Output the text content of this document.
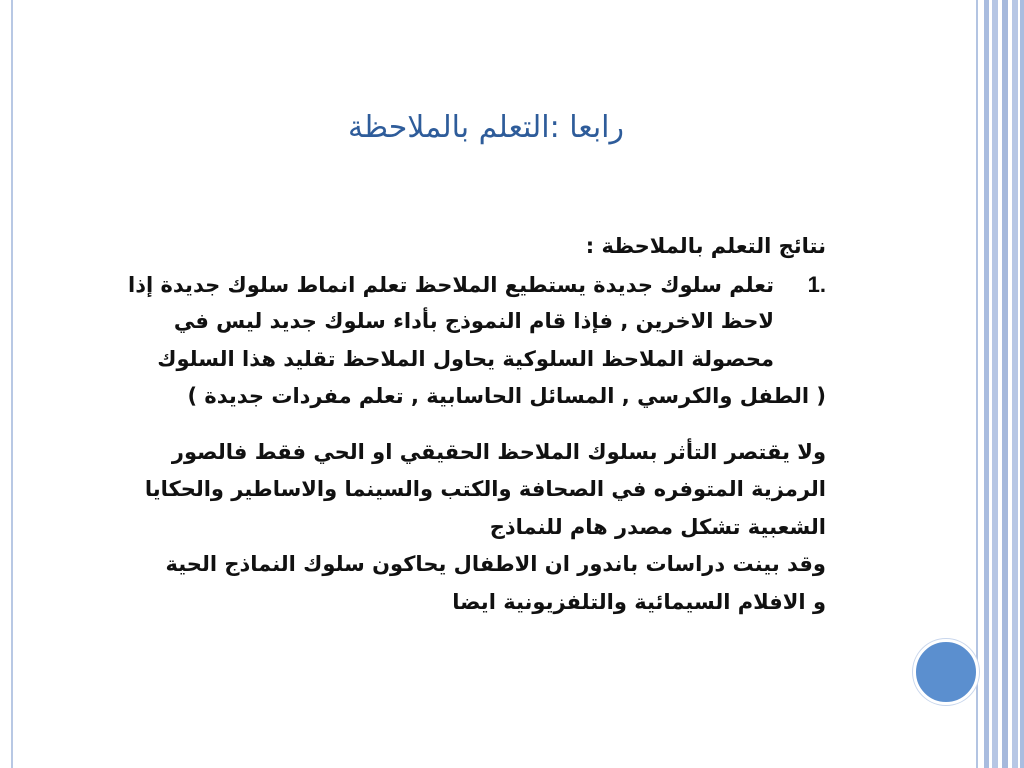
رابعا :التعلم بالملاحظة
نتائج التعلم بالملاحظة :
1.تعلم سلوك جديدة يستطيع الملاحظ تعلم انماط سلوك جديدة إذا
لاحظ الاخرين , فإذا قام النموذج بأداء سلوك جديد ليس في
محصولة الملاحظ السلوكية يحاول الملاحظ تقليد هذا السلوك
( الطفل والكرسي , المسائل الحاسابية , تعلم مفردات جديدة )
ولا يقتصر التأثر بسلوك الملاحظ الحقيقي او الحي فقط فالصور
الرمزية المتوفره في الصحافة والكتب والسينما والاساطير والحكايا
الشعبية تشكل مصدر هام للنماذج
وقد بينت دراسات باندور ان الاطفال يحاكون سلوك النماذج الحية
و الافلام السيمائية والتلفزيونية ايضا
